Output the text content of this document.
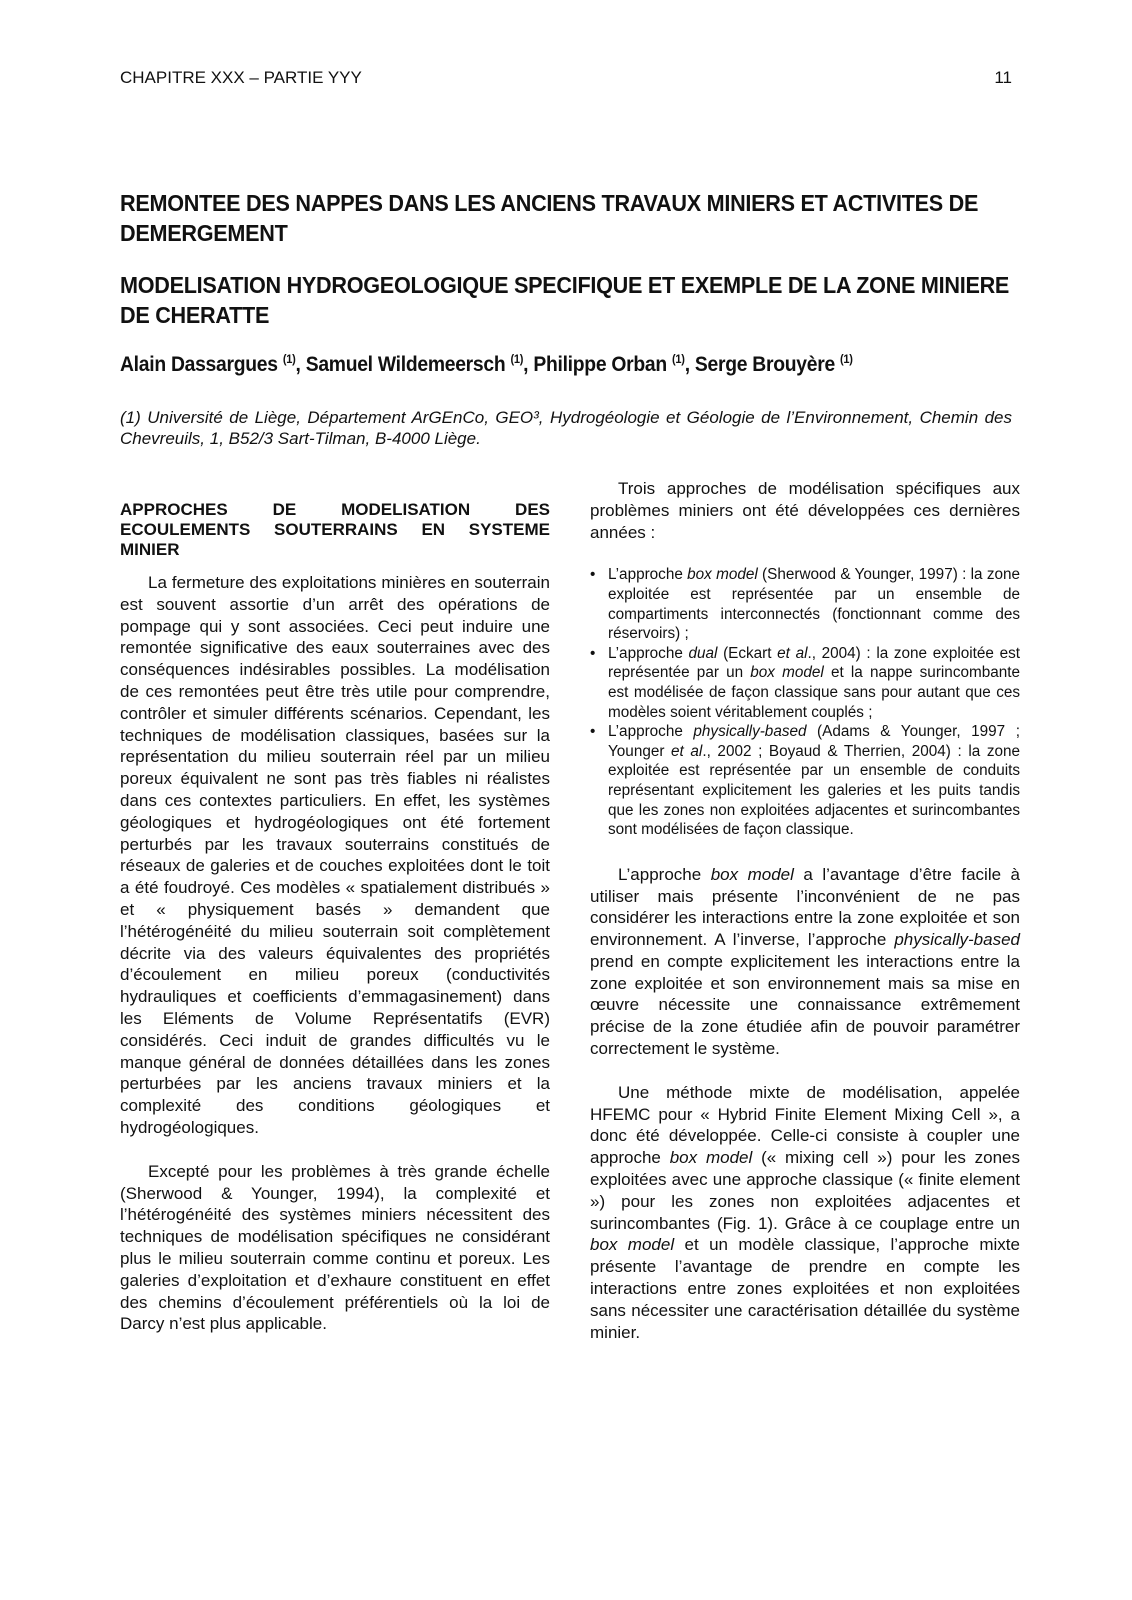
CHAPITRE XXX – PARTIE YYY	11
REMONTEE DES NAPPES DANS LES ANCIENS TRAVAUX MINIERS ET ACTIVITES DE DEMERGEMENT
MODELISATION HYDROGEOLOGIQUE SPECIFIQUE ET EXEMPLE DE LA ZONE MINIERE DE CHERATTE
Alain Dassargues $^{(1)}$, Samuel Wildemeersch $^{(1)}$, Philippe Orban $^{(1)}$, Serge Brouyère $^{(1)}$
(1) Université de Liège, Département ArGEnCo, GEO³, Hydrogéologie et Géologie de l’Environnement, Chemin des Chevreuils, 1, B52/3 Sart-Tilman, B-4000 Liège.
APPROCHES DE MODELISATION DES ECOULEMENTS SOUTERRAINS EN SYSTEME MINIER

La fermeture des exploitations minières en souterrain est souvent assortie d’un arrêt des opérations de pompage qui y sont associées. Ceci peut induire une remontée significative des eaux souterraines avec des conséquences indésirables possibles. La modélisation de ces remontées peut être très utile pour comprendre, contrôler et simuler différents scénarios. Cependant, les techniques de modélisation classiques, basées sur la représentation du milieu souterrain réel par un milieu poreux équivalent ne sont pas très fiables ni réalistes dans ces contextes particuliers. En effet, les systèmes géologiques et hydrogéologiques ont été fortement perturbés par les travaux souterrains constitués de réseaux de galeries et de couches exploitées dont le toit a été foudroyé. Ces modèles « spatialement distribués » et « physiquement basés » demandent que l’hétérogénéité du milieu souterrain soit complètement décrite via des valeurs équivalentes des propriétés d’écoulement en milieu poreux (conductivités hydrauliques et coefficients d’emmagasinement) dans les Eléments de Volume Représentatifs (EVR) considérés. Ceci induit de grandes difficultés vu le manque général de données détaillées dans les zones perturbées par les anciens travaux miniers et la complexité des conditions géologiques et hydrogéologiques.

Excepté pour les problèmes à très grande échelle (Sherwood & Younger, 1994), la complexité et l’hétérogénéité des systèmes miniers nécessitent des techniques de modélisation spécifiques ne considérant plus le milieu souterrain comme continu et poreux. Les galeries d’exploitation et d’exhaure constituent en effet des chemins d’écoulement préférentiels où la loi de Darcy n’est plus applicable.

Trois approches de modélisation spécifiques aux problèmes miniers ont été développées ces dernières années :

• L’approche box model (Sherwood & Younger, 1997) : la zone exploitée est représentée par un ensemble de compartiments interconnectés (fonctionnant comme des réservoirs) ;
• L’approche dual (Eckart et al., 2004) : la zone exploitée est représentée par un box model et la nappe surincombante est modélisée de façon classique sans pour autant que ces modèles soient véritablement couplés ;
• L’approche physically-based (Adams & Younger, 1997 ; Younger et al., 2002 ; Boyaud & Therrien, 2004) : la zone exploitée est représentée par un ensemble de conduits représentant explicitement les galeries et les puits tandis que les zones non exploitées adjacentes et surincombantes sont modélisées de façon classique.

L’approche box model a l’avantage d’être facile à utiliser mais présente l’inconvénient de ne pas considérer les interactions entre la zone exploitée et son environnement. A l’inverse, l’approche physically-based prend en compte explicitement les interactions entre la zone exploitée et son environnement mais sa mise en œuvre nécessite une connaissance extrêmement précise de la zone étudiée afin de pouvoir paramétrer correctement le système.

Une méthode mixte de modélisation, appelée HFEMC pour « Hybrid Finite Element Mixing Cell », a donc été développée. Celle-ci consiste à coupler une approche box model (« mixing cell ») pour les zones exploitées avec une approche classique (« finite element ») pour les zones non exploitées adjacentes et surincombantes (Fig. 1). Grâce à ce couplage entre un box model et un modèle classique, l’approche mixte présente l’avantage de prendre en compte les interactions entre zones exploitées et non exploitées sans nécessiter une caractérisation détaillée du système minier.
